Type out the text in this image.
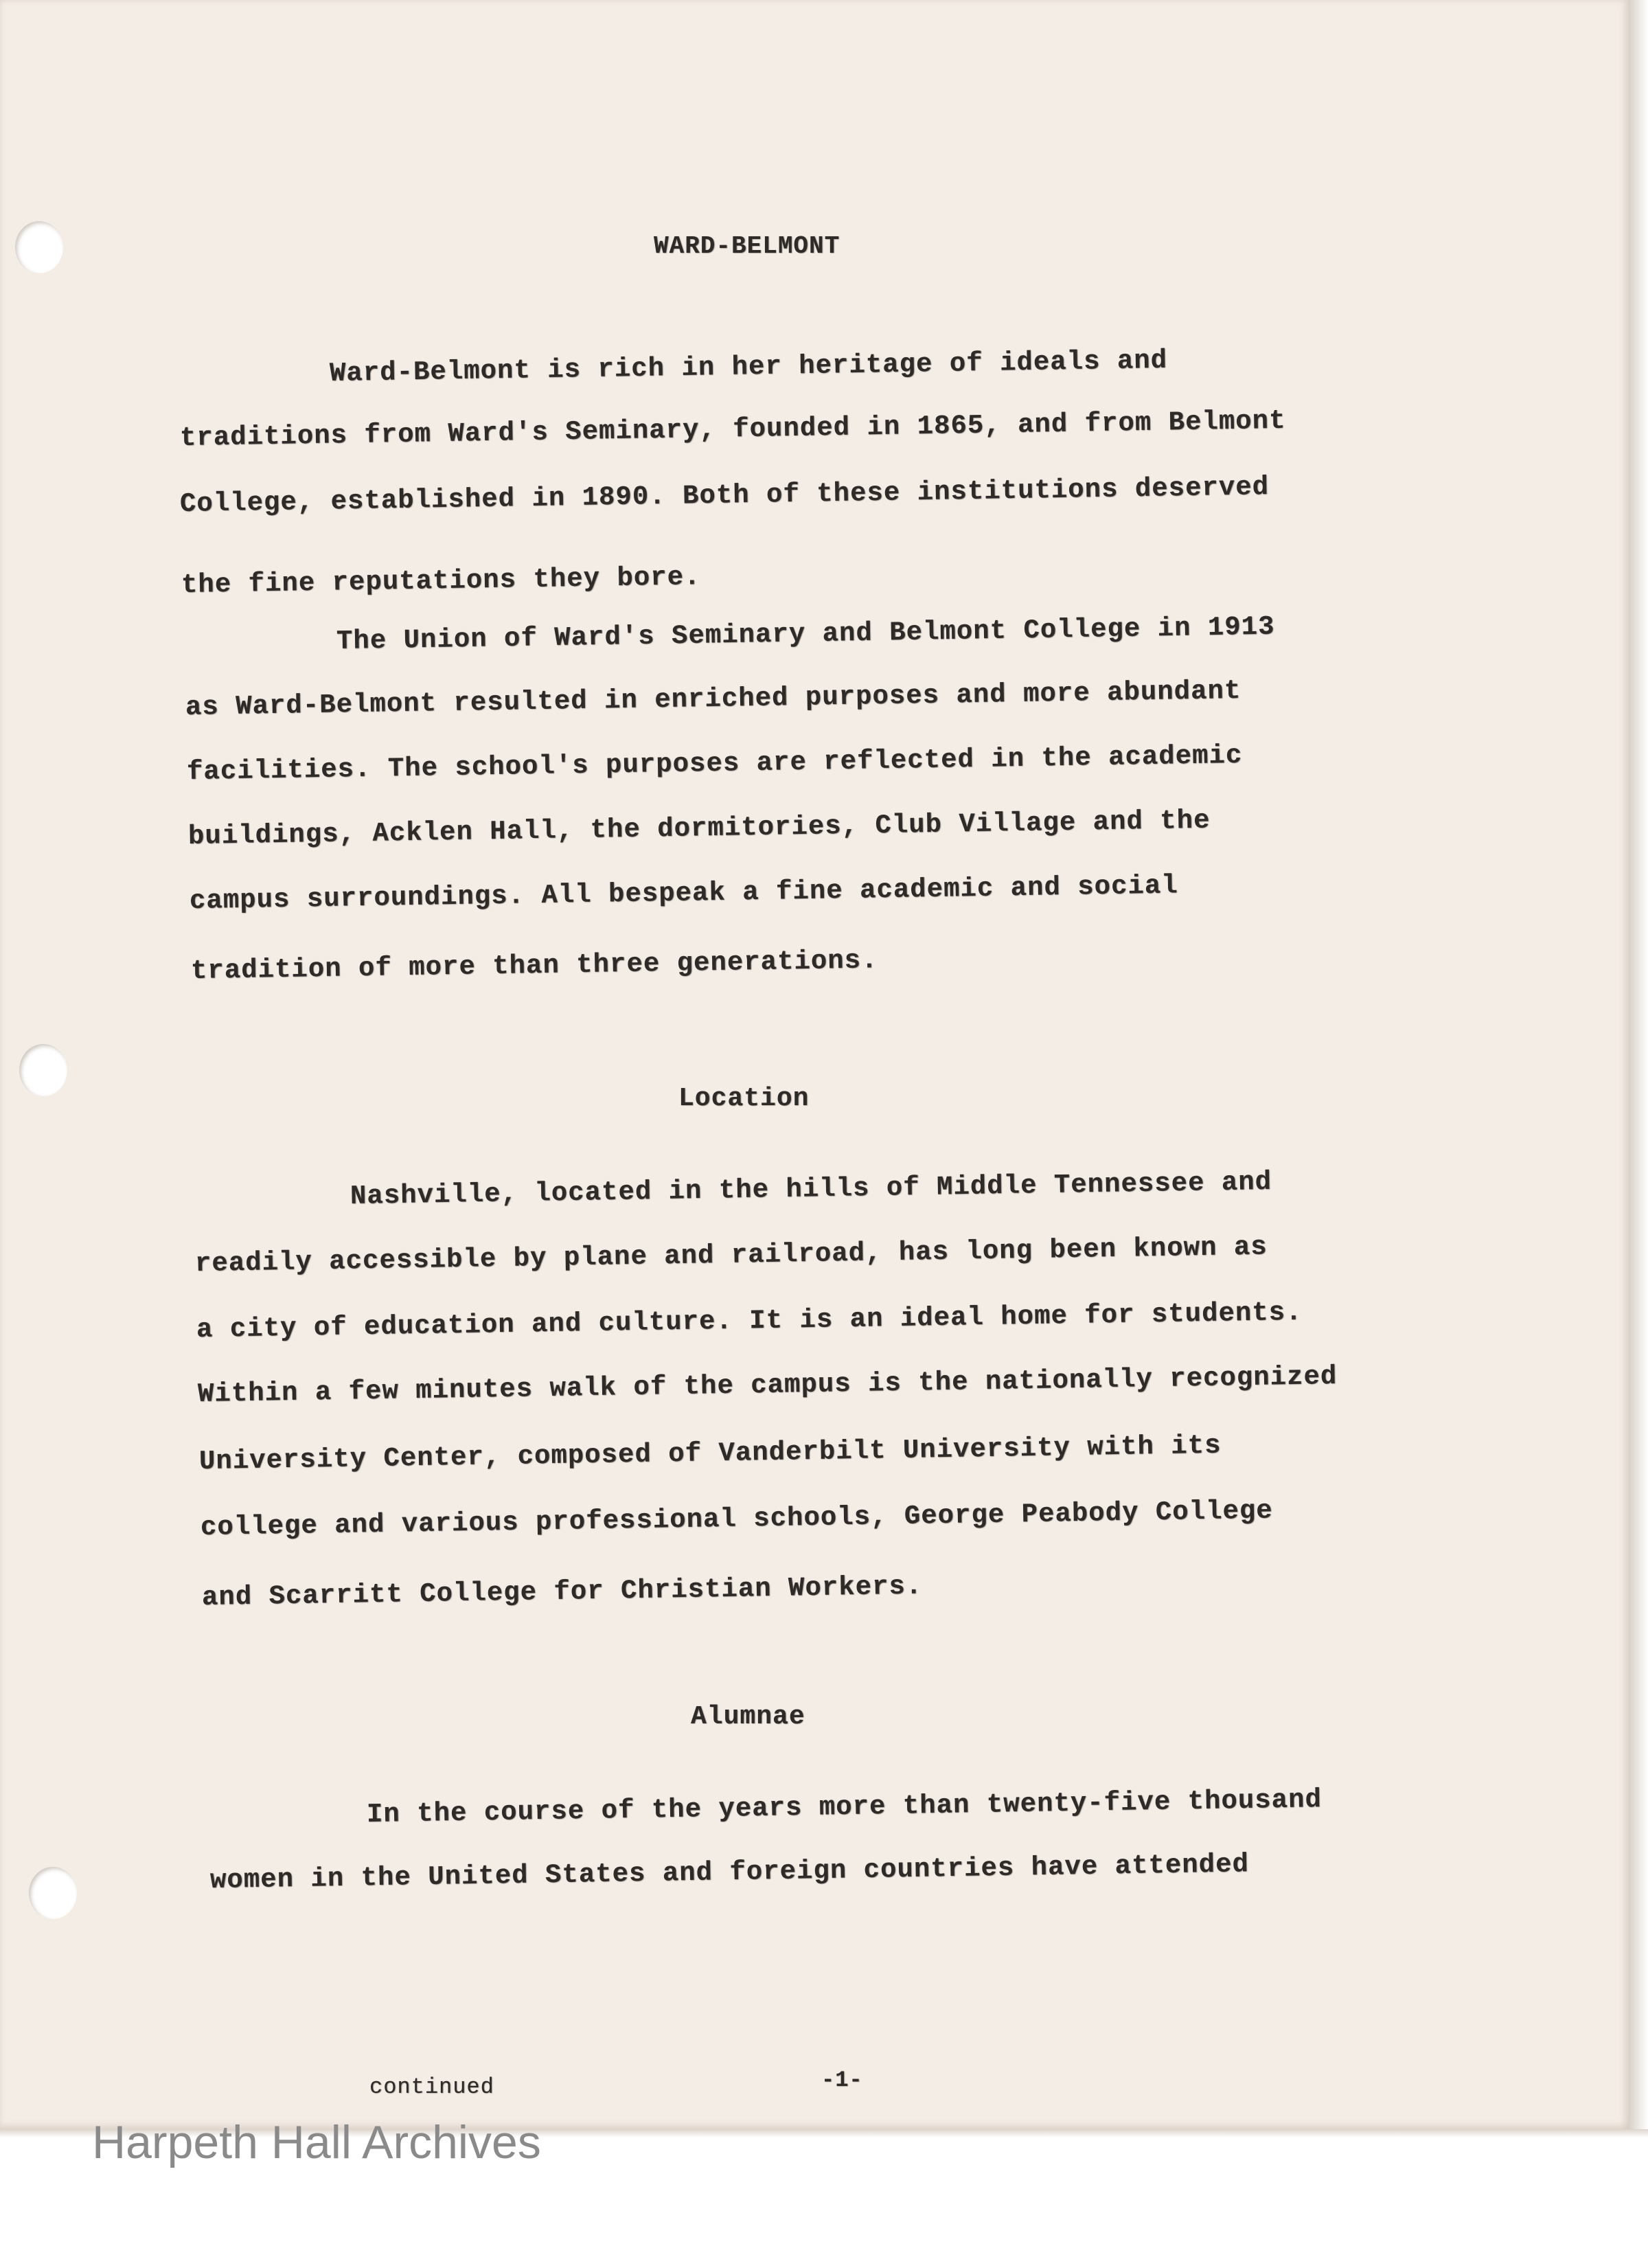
WARD-BELMONT
Ward-Belmont is rich in her heritage of ideals and
traditions from Ward's Seminary, founded in 1865, and from Belmont
College, established in 1890. Both of these institutions deserved
the fine reputations they bore.
The Union of Ward's Seminary and Belmont College in 1913
as Ward-Belmont resulted in enriched purposes and more abundant
facilities. The school's purposes are reflected in the academic
buildings, Acklen Hall, the dormitories, Club Village and the
campus surroundings. All bespeak a fine academic and social
tradition of more than three generations.
Location
Nashville, located in the hills of Middle Tennessee and
readily accessible by plane and railroad, has long been known as
a city of education and culture. It is an ideal home for students.
Within a few minutes walk of the campus is the nationally recognized
University Center, composed of Vanderbilt University with its
college and various professional schools, George Peabody College
and Scarritt College for Christian Workers.
Alumnae
In the course of the years more than twenty-five thousand
women in the United States and foreign countries have attended
continued	-1-
Harpeth Hall Archives
